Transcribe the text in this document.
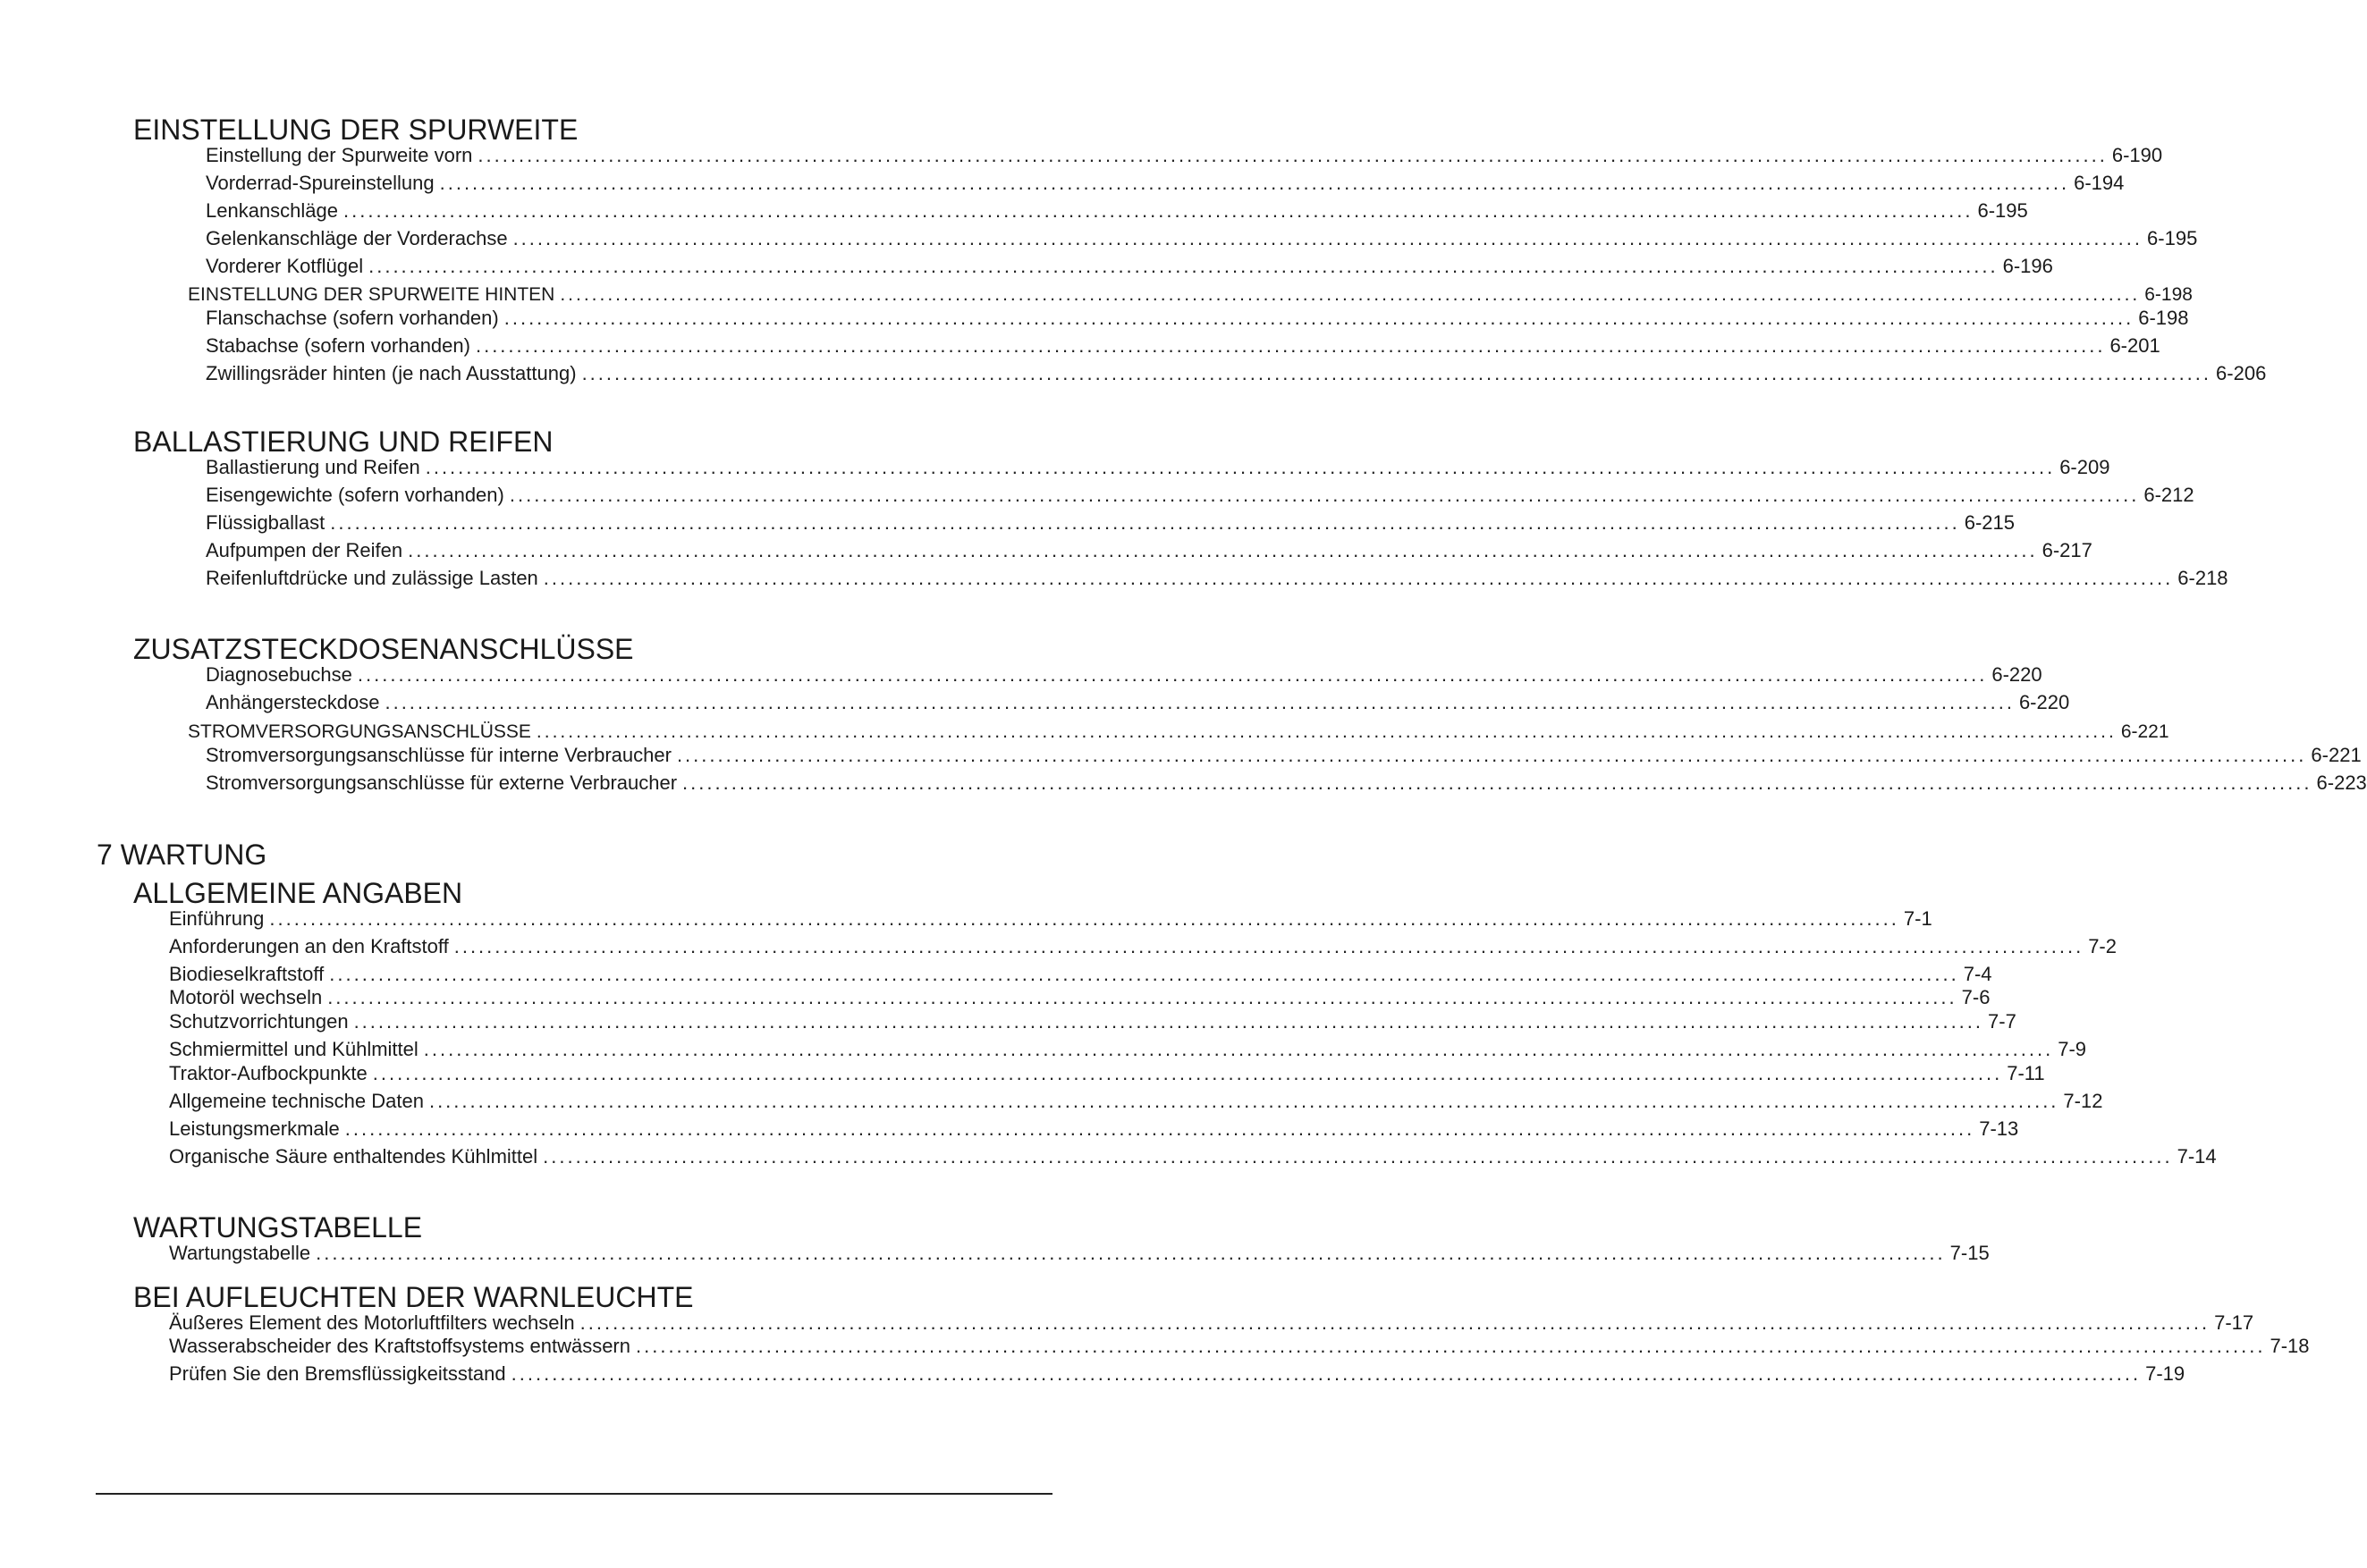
EINSTELLUNG DER SPURWEITE
Einstellung der Spurweite vorn ........................................................................................................................................................................................................ 6-190
Vorderrad-Spureinstellung ........................................................................................................................................................................................................ 6-194
Lenkanschläge ........................................................................................................................................................................................................ 6-195
Gelenkanschläge der Vorderachse ........................................................................................................................................................................................................ 6-195
Vorderer Kotflügel ........................................................................................................................................................................................................ 6-196
EINSTELLUNG DER SPURWEITE HINTEN ........................................................................................................................................................................................................ 6-198
Flanschachse (sofern vorhanden) ........................................................................................................................................................................................................ 6-198
Stabachse (sofern vorhanden) ........................................................................................................................................................................................................ 6-201
Zwillingsräder hinten (je nach Ausstattung) ........................................................................................................................................................................................................ 6-206
BALLASTIERUNG UND REIFEN
Ballastierung und Reifen ........................................................................................................................................................................................................ 6-209
Eisengewichte (sofern vorhanden) ........................................................................................................................................................................................................ 6-212
Flüssigballast ........................................................................................................................................................................................................ 6-215
Aufpumpen der Reifen ........................................................................................................................................................................................................ 6-217
Reifenluftdrücke und zulässige Lasten ........................................................................................................................................................................................................ 6-218
ZUSATZSTECKDOSENANSCHLÜSSE
Diagnosebuchse ........................................................................................................................................................................................................ 6-220
Anhängersteckdose ........................................................................................................................................................................................................ 6-220
STROMVERSORGUNGSANSCHLÜSSE ........................................................................................................................................................................................................ 6-221
Stromversorgungsanschlüsse für interne Verbraucher ........................................................................................................................................................................................................ 6-221
Stromversorgungsanschlüsse für externe Verbraucher ........................................................................................................................................................................................................ 6-223
7 WARTUNG
ALLGEMEINE ANGABEN
Einführung ........................................................................................................................................................................................................ 7-1
Anforderungen an den Kraftstoff ........................................................................................................................................................................................................ 7-2
Biodieselkraftstoff ........................................................................................................................................................................................................ 7-4
Motoröl wechseln ........................................................................................................................................................................................................ 7-6
Schutzvorrichtungen ........................................................................................................................................................................................................ 7-7
Schmiermittel und Kühlmittel ........................................................................................................................................................................................................ 7-9
Traktor-Aufbockpunkte ........................................................................................................................................................................................................ 7-11
Allgemeine technische Daten ........................................................................................................................................................................................................ 7-12
Leistungsmerkmale ........................................................................................................................................................................................................ 7-13
Organische Säure enthaltendes Kühlmittel ........................................................................................................................................................................................................ 7-14
WARTUNGSTABELLE
Wartungstabelle ........................................................................................................................................................................................................ 7-15
BEI AUFLEUCHTEN DER WARNLEUCHTE
Äußeres Element des Motorluftfilters wechseln ........................................................................................................................................................................................................ 7-17
Wasserabscheider des Kraftstoffsystems entwässern ........................................................................................................................................................................................................ 7-18
Prüfen Sie den Bremsflüssigkeitsstand ........................................................................................................................................................................................................ 7-19
